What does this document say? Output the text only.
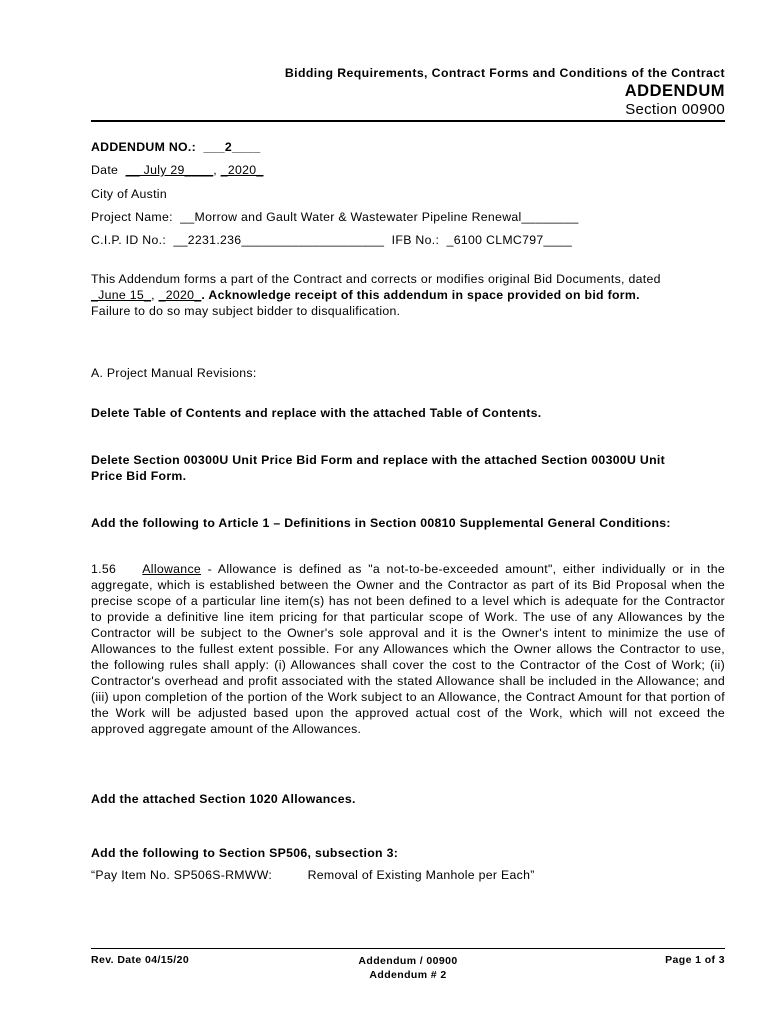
Bidding Requirements, Contract Forms and Conditions of the Contract
ADDENDUM
Section 00900
ADDENDUM NO.: ___2____
Date __ July 29____, _2020_
City of Austin
Project Name: __Morrow and Gault Water & Wastewater Pipeline Renewal________
C.I.P. ID No.: __2231.236____________________ IFB No.: _6100 CLMC797____
This Addendum forms a part of the Contract and corrects or modifies original Bid Documents, dated
_June 15_, _2020_. Acknowledge receipt of this addendum in space provided on bid form.
Failure to do so may subject bidder to disqualification.
A. Project Manual Revisions:
Delete Table of Contents and replace with the attached Table of Contents.
Delete Section 00300U Unit Price Bid Form and replace with the attached Section 00300U Unit Price Bid Form.
Add the following to Article 1 – Definitions in Section 00810 Supplemental General Conditions:
1.56 Allowance - Allowance is defined as "a not-to-be-exceeded amount", either individually or in the aggregate, which is established between the Owner and the Contractor as part of its Bid Proposal when the precise scope of a particular line item(s) has not been defined to a level which is adequate for the Contractor to provide a definitive line item pricing for that particular scope of Work. The use of any Allowances by the Contractor will be subject to the Owner's sole approval and it is the Owner's intent to minimize the use of Allowances to the fullest extent possible. For any Allowances which the Owner allows the Contractor to use, the following rules shall apply: (i) Allowances shall cover the cost to the Contractor of the Cost of Work; (ii) Contractor's overhead and profit associated with the stated Allowance shall be included in the Allowance; and (iii) upon completion of the portion of the Work subject to an Allowance, the Contract Amount for that portion of the Work will be adjusted based upon the approved actual cost of the Work, which will not exceed the approved aggregate amount of the Allowances.
Add the attached Section 1020 Allowances.
Add the following to Section SP506, subsection 3:
“Pay Item No. SP506S-RMWW:	Removal of Existing Manhole per Each”
Rev. Date 04/15/20	Addendum / 00900
Addendum # 2
Page 1 of 3
